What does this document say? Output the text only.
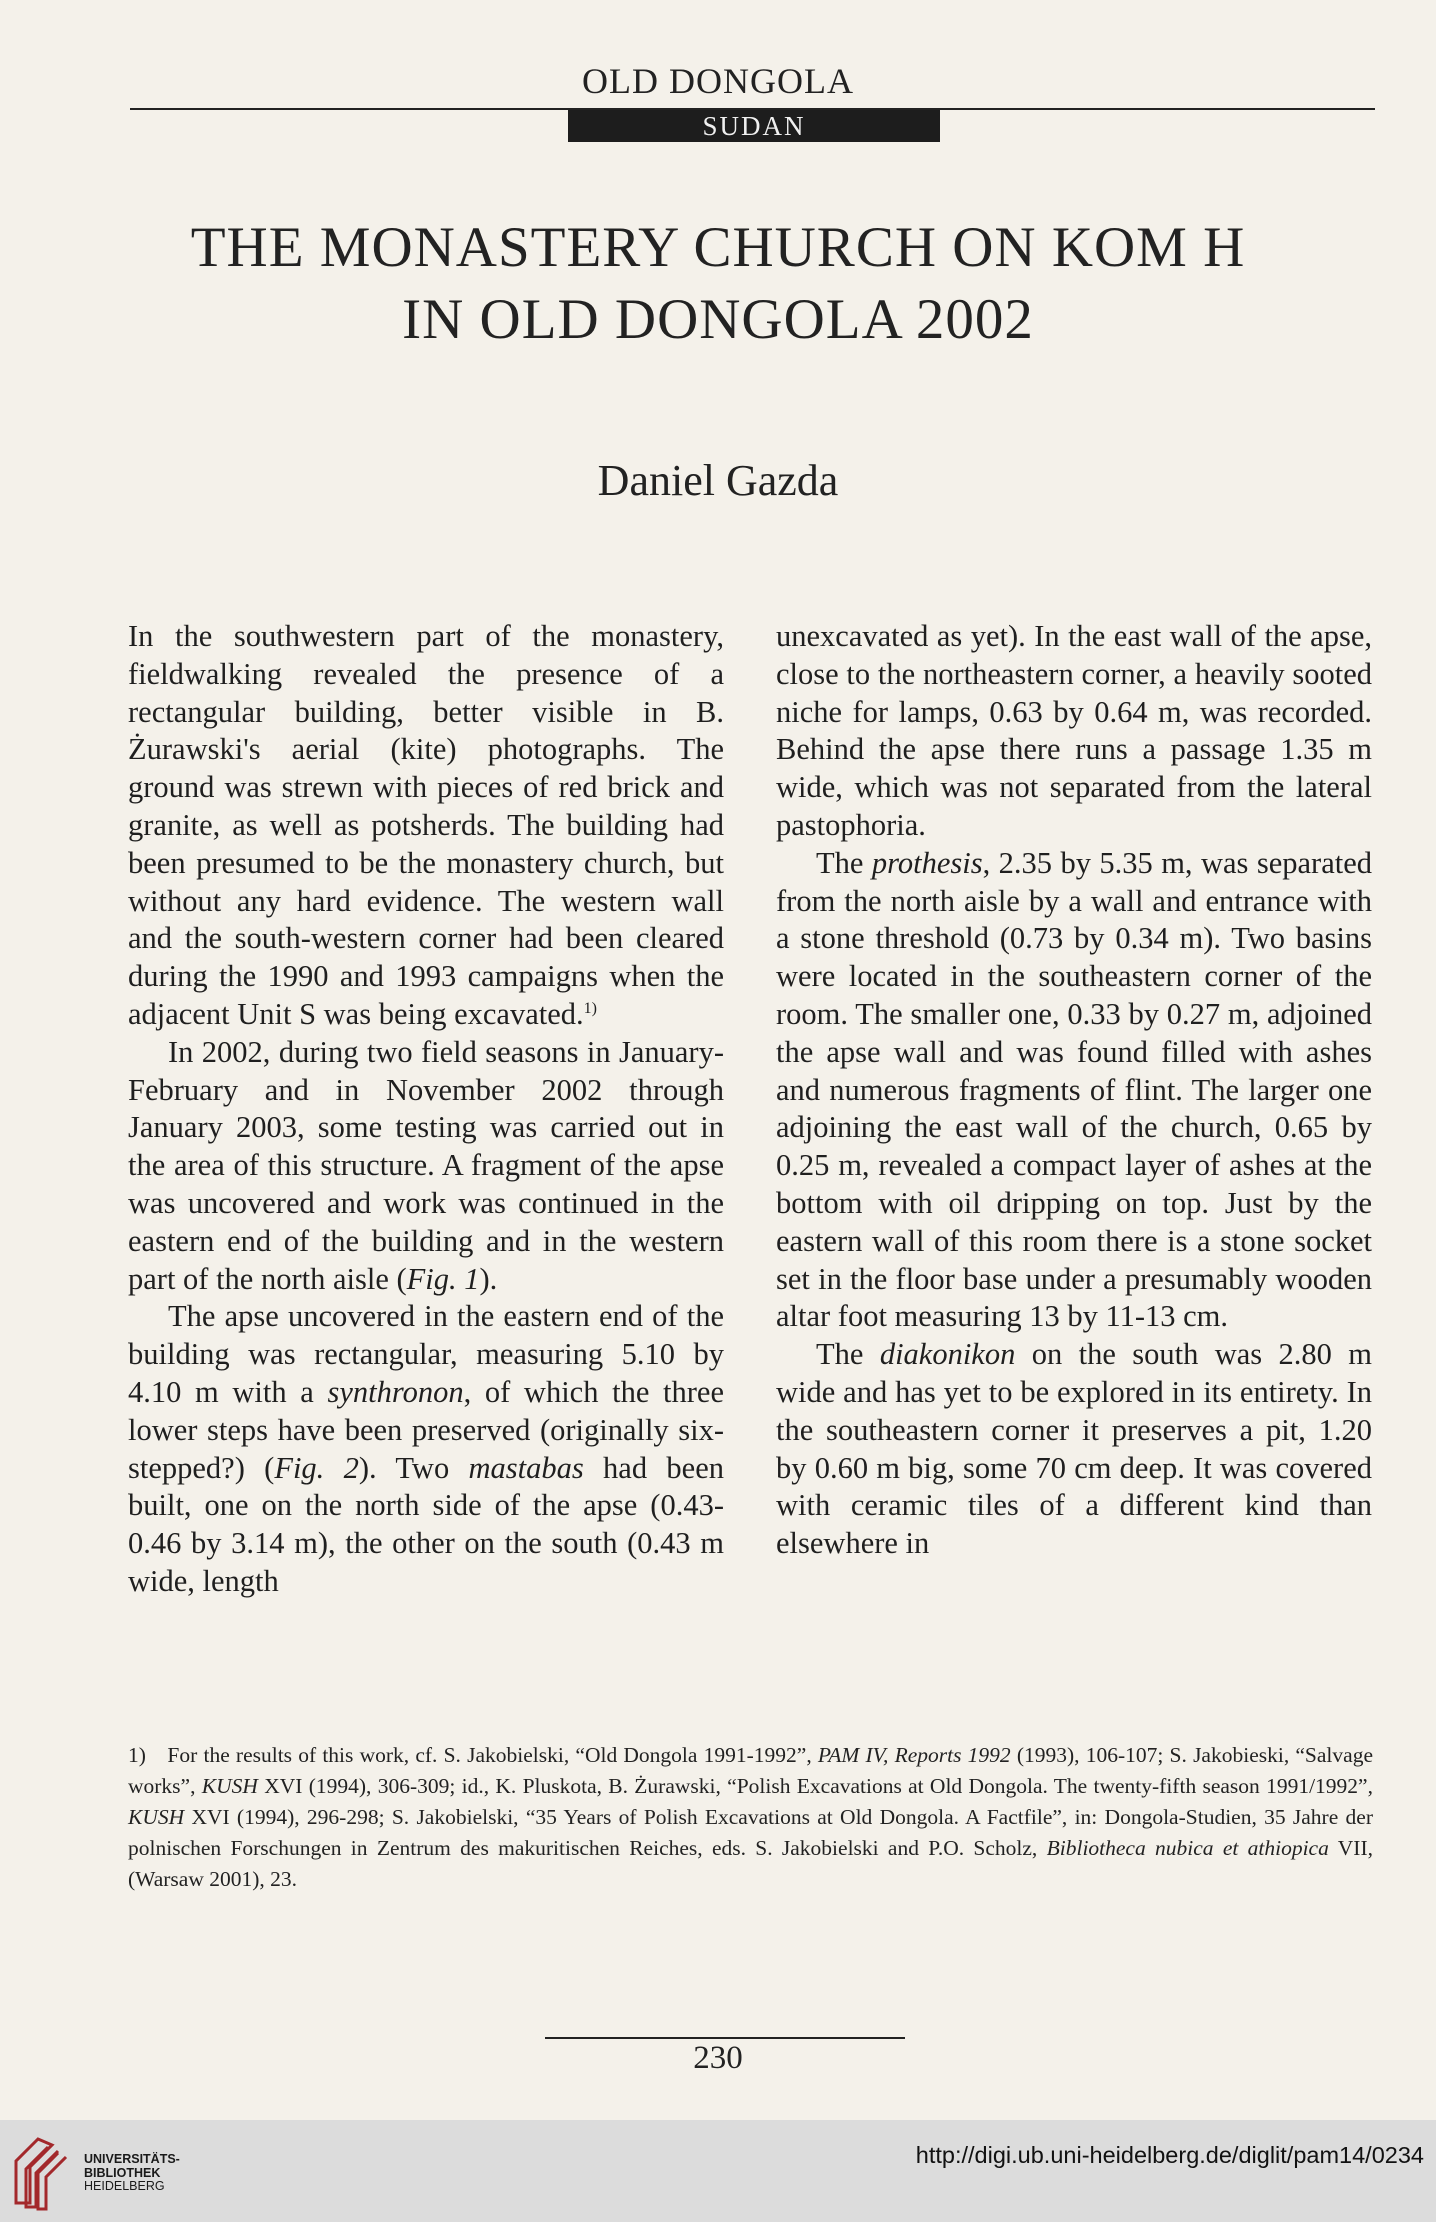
OLD DONGOLA
SUDAN
THE MONASTERY CHURCH ON KOM H
IN OLD DONGOLA 2002
Daniel Gazda

In the southwestern part of the monastery, fieldwalking revealed the presence of a rectangular building, better visible in B. Żurawski's aerial (kite) photographs. The ground was strewn with pieces of red brick and granite, as well as potsherds. The building had been presumed to be the monastery church, but without any hard evidence. The western wall and the south-western corner had been cleared during the 1990 and 1993 campaigns when the adjacent Unit S was being excavated.$^{1)}$

In 2002, during two field seasons in January-February and in November 2002 through January 2003, some testing was carried out in the area of this structure. A fragment of the apse was uncovered and work was continued in the eastern end of the building and in the western part of the north aisle (Fig. 1).

The apse uncovered in the eastern end of the building was rectangular, measuring 5.10 by 4.10 m with a synthronon, of which the three lower steps have been preserved (originally six-stepped?) (Fig. 2). Two mastabas had been built, one on the north side of the apse (0.43-0.46 by 3.14 m), the other on the south (0.43 m wide, length

unexcavated as yet). In the east wall of the apse, close to the northeastern corner, a heavily sooted niche for lamps, 0.63 by 0.64 m, was recorded. Behind the apse there runs a passage 1.35 m wide, which was not separated from the lateral pastophoria.

The prothesis, 2.35 by 5.35 m, was separated from the north aisle by a wall and entrance with a stone threshold (0.73 by 0.34 m). Two basins were located in the southeastern corner of the room. The smaller one, 0.33 by 0.27 m, adjoined the apse wall and was found filled with ashes and numerous fragments of flint. The larger one adjoining the east wall of the church, 0.65 by 0.25 m, revealed a compact layer of ashes at the bottom with oil dripping on top. Just by the eastern wall of this room there is a stone socket set in the floor base under a presumably wooden altar foot measuring 13 by 11-13 cm.

The diakonikon on the south was 2.80 m wide and has yet to be explored in its entirety. In the southeastern corner it preserves a pit, 1.20 by 0.60 m big, some 70 cm deep. It was covered with ceramic tiles of a different kind than elsewhere in

1) For the results of this work, cf. S. Jakobielski, “Old Dongola 1991-1992”, PAM IV, Reports 1992 (1993), 106-107; S. Jakobieski, “Salvage works”, KUSH XVI (1994), 306-309; id., K. Pluskota, B. Żurawski, “Polish Excavations at Old Dongola. The twenty-fifth season 1991/1992”, KUSH XVI (1994), 296-298; S. Jakobielski, “35 Years of Polish Excavations at Old Dongola. A Factfile”, in: Dongola-Studien, 35 Jahre der polnischen Forschungen in Zentrum des makuritischen Reiches, eds. S. Jakobielski and P.O. Scholz, Bibliotheca nubica et athiopica VII, (Warsaw 2001), 23.
230
UNIVERSITÄTS-
BIBLIOTHEK
HEIDELBERG
http://digi.ub.uni-heidelberg.de/diglit/pam14/0234
